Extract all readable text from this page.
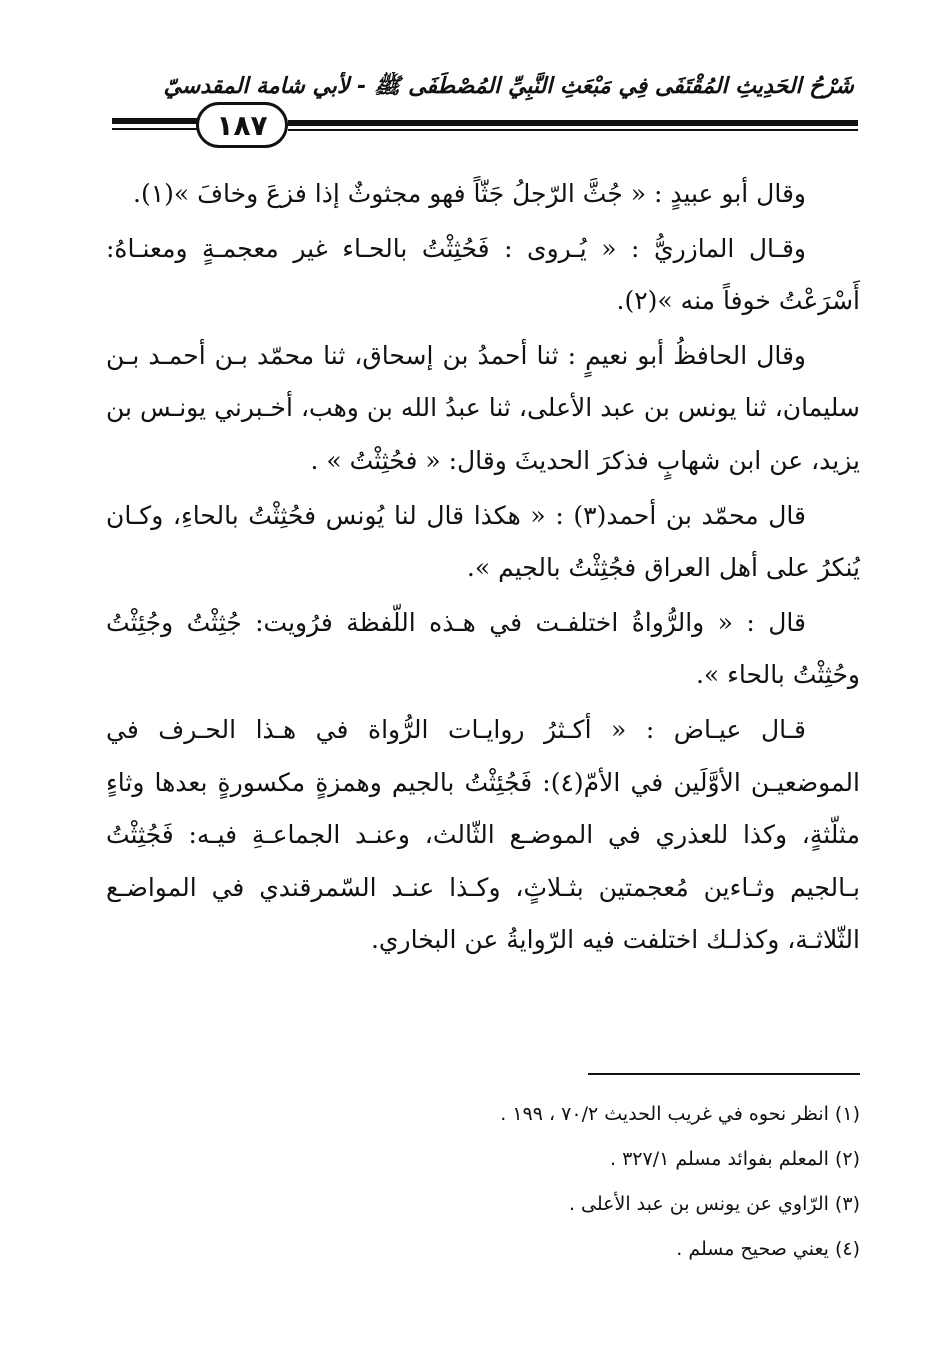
شَرْحُ الحَدِيثِ المُقْتَفَى فِي مَبْعَثِ النَّبِيِّ المُصْطَفَى ﷺ - لأبي شامة المقدسيّ
١٨٧

وقال أبو عبيدٍ : « جُثَّ الرّجلُ جَثّاً فهو مجثوثٌ إذا فزعَ وخافَ »(١).

وقـال المازريُّ : « يُـروى : فَحُثِثْتُ بالحـاء غير معجمـةٍ ومعنـاهُ: أَسْرَعْتُ خوفاً منه »(٢).

وقال الحافظُ أبو نعيمٍ : ثنا أحمدُ بن إسحاق، ثنا محمّد بـن أحمـد بـن سليمان، ثنا يونس بن عبد الأعلى، ثنا عبدُ الله بن وهب، أخـبرني يونـس بن يزيد، عن ابن شهابٍ فذكرَ الحديثَ وقال: « فحُثِثْتُ » .

قال محمّد بن أحمد(٣) : « هكذا قال لنا يُونس فحُثِثْتُ بالحاءِ، وكـان يُنكرُ على أهل العراق فجُثِثْتُ بالجيم ».

قال : « والرُّواةُ اختلفـت في هـذه اللّفظة فرُويت: جُثِثْتُ وجُئِثْتُ وحُثِثْتُ بالحاء ».

قـال عيـاض : « أكـثرُ روايـات الرُّواة في هـذا الحـرف في الموضعيـن الأوَّلَين في الأمّ(٤): فَجُئِثْتُ بالجيم وهمزةٍ مكسورةٍ بعدها وثاءٍ مثلّثةٍ، وكذا للعذري في الموضـع الثّالث، وعنـد الجماعـةِ فيـه: فَجُثِثْتُ بـالجيم وثـاءين مُعجمتين بثـلاثٍ، وكـذا عنـد السّمرقندي في المواضـع الثّلاثـة، وكذلـك اختلفت فيه الرّوايةُ عن البخاري.

(١) انظر نحوه في غريب الحديث ٧٠/٢ ، ١٩٩ .
(٢) المعلم بفوائد مسلم ٣٢٧/١ .
(٣) الرّاوي عن يونس بن عبد الأعلى .
(٤) يعني صحيح مسلم .
